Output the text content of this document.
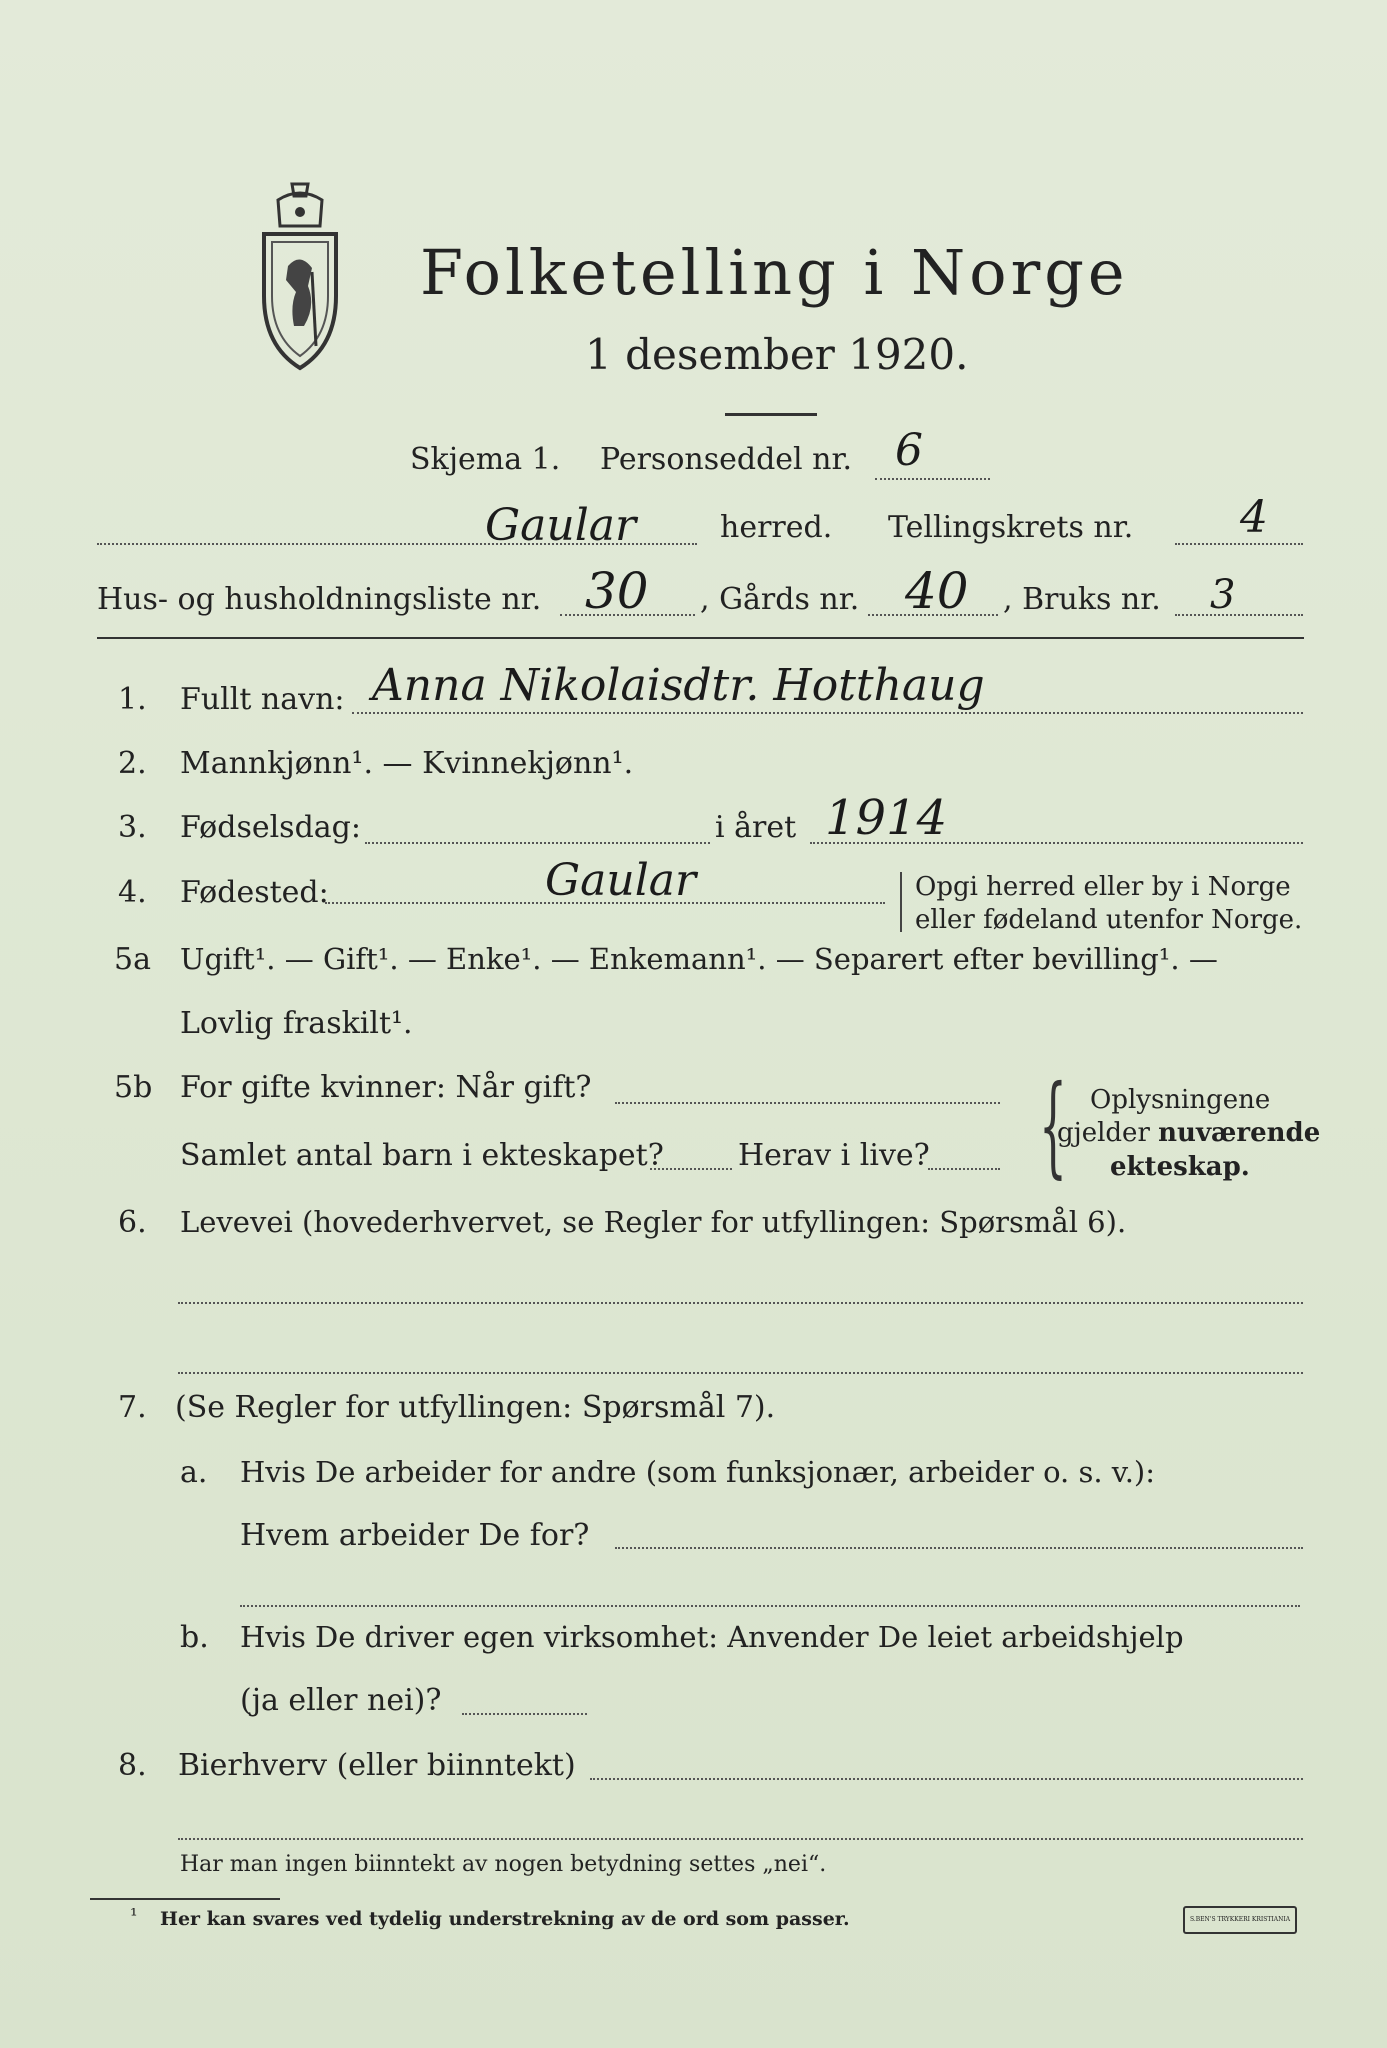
Folketelling i Norge
1 desember 1920.
Skjema 1. Personseddel nr. 6
Gaular	herred. Tellingskrets nr. 4
Hus- og husholdningsliste nr. 30 , Gårds nr. 40 , Bruks nr. 3
1. Fullt navn: Anna Nikolaisdtr. Hotthaug
2. Mannkjønn¹. — Kvinnekjønn¹.
3. Fødselsdag:	i året 1914
4. Fødested:	Gaular	Opgi herred eller by i Norge
eller fødeland utenfor Norge.
5a Ugift¹. — Gift¹. — Enke¹. — Enkemann¹. — Separert efter bevilling¹. —
Lovlig fraskilt¹.
5b For gifte kvinner: Når gift?
Samlet antal barn i ekteskapet? Herav i live? { Oplysningene
gjelder nuværende
ekteskap.
6. Levevei (hovederhvervet, se Regler for utfyllingen: Spørsmål 6).
7. (Se Regler for utfyllingen: Spørsmål 7).
a. Hvis De arbeider for andre (som funksjonær, arbeider o. s. v.):
Hvem arbeider De for?
b. Hvis De driver egen virksomhet: Anvender De leiet arbeidshjelp
(ja eller nei)?
8. Bierhverv (eller biinntekt)
Har man ingen biinntekt av nogen betydning settes „nei“.
¹ Her kan svares ved tydelig understrekning av de ord som passer.	S.BEN'S TRYKKERI KRISTIANIA
